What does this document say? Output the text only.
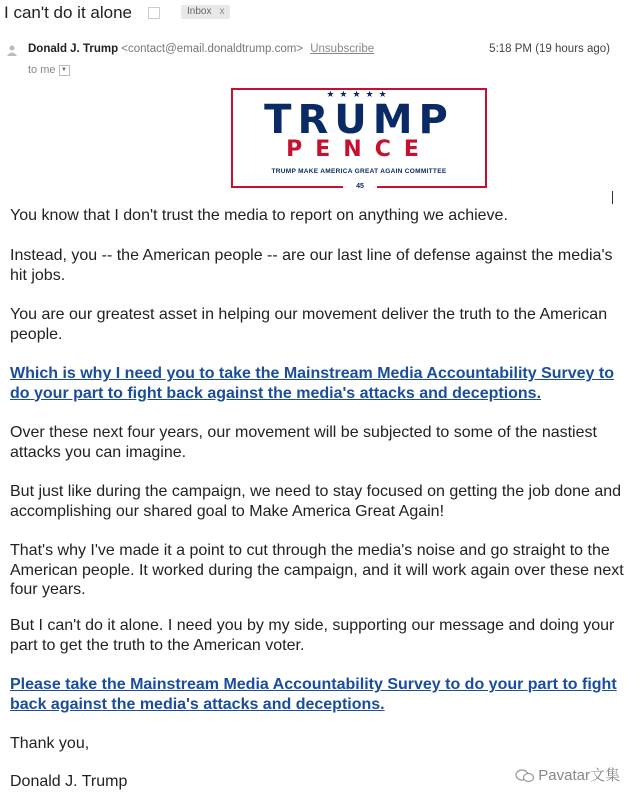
I can't do it alone	Inbox x
Donald J. Trump <contact@email.donaldtrump.com> Unsubscribe	5:18 PM (19 hours ago)
to me ▼
★★★★★
TRUMP
PENCE
TRUMP MAKE AMERICA GREAT AGAIN COMMITTEE
45

You know that I don't trust the media to report on anything we achieve.

Instead, you -- the American people -- are our last line of defense against the media's hit jobs.

You are our greatest asset in helping our movement deliver the truth to the American people.

Which is why I need you to take the Mainstream Media Accountability Survey to do your part to fight back against the media's attacks and deceptions.

Over these next four years, our movement will be subjected to some of the nastiest attacks you can imagine.

But just like during the campaign, we need to stay focused on getting the job done and accomplishing our shared goal to Make America Great Again!

That's why I've made it a point to cut through the media's noise and go straight to the American people. It worked during the campaign, and it will work again over these next four years.

But I can't do it alone. I need you by my side, supporting our message and doing your part to get the truth to the American voter.

Please take the Mainstream Media Accountability Survey to do your part to fight back against the media's attacks and deceptions.

Thank you,

Donald J. Trump	Pavatar文集
